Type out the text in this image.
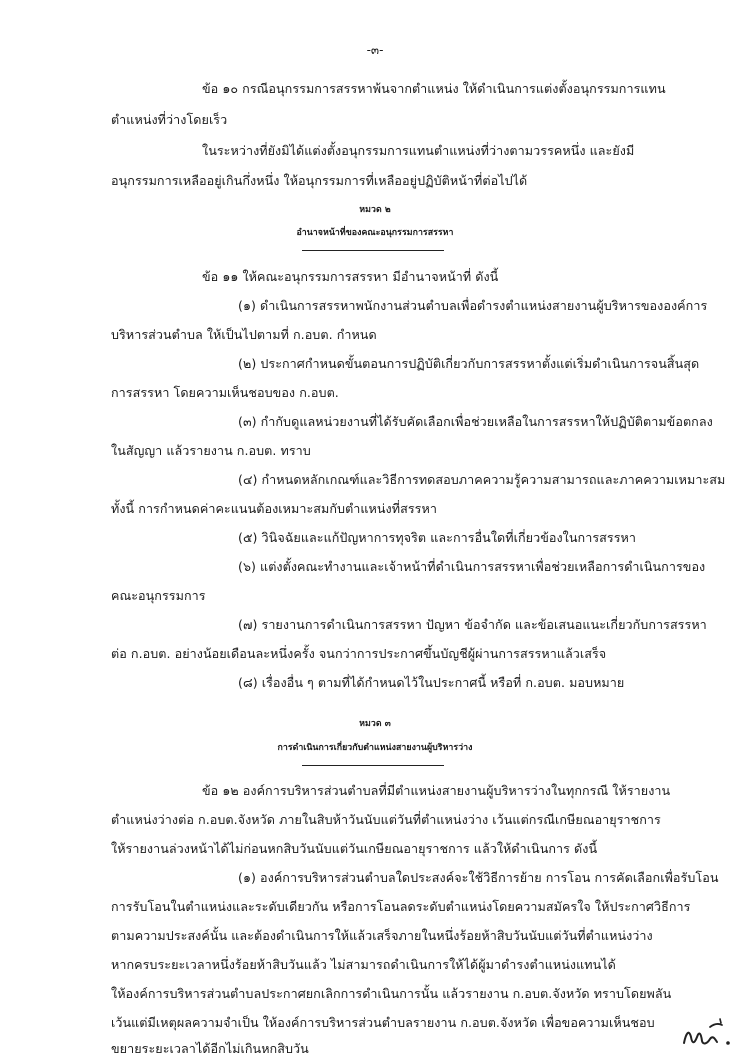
-๓-
ข้อ ๑๐ กรณีอนุกรรมการสรรหาพ้นจากตำแหน่ง ให้ดำเนินการแต่งตั้งอนุกรรมการแทน
ตำแหน่งที่ว่างโดยเร็ว
ในระหว่างที่ยังมิได้แต่งตั้งอนุกรรมการแทนตำแหน่งที่ว่างตามวรรคหนึ่ง และยังมี
อนุกรรมการเหลืออยู่เกินกึ่งหนึ่ง ให้อนุกรรมการที่เหลืออยู่ปฏิบัติหน้าที่ต่อไปได้
หมวด ๒
อำนาจหน้าที่ของคณะอนุกรรมการสรรหา
ข้อ ๑๑ ให้คณะอนุกรรมการสรรหา มีอำนาจหน้าที่ ดังนี้
(๑) ดำเนินการสรรหาพนักงานส่วนตำบลเพื่อดำรงตำแหน่งสายงานผู้บริหารขององค์การ
บริหารส่วนตำบล ให้เป็นไปตามที่ ก.อบต. กำหนด
(๒) ประกาศกำหนดขั้นตอนการปฏิบัติเกี่ยวกับการสรรหาตั้งแต่เริ่มดำเนินการจนสิ้นสุด
การสรรหา โดยความเห็นชอบของ ก.อบต.
(๓) กำกับดูแลหน่วยงานที่ได้รับคัดเลือกเพื่อช่วยเหลือในการสรรหาให้ปฏิบัติตามข้อตกลง
ในสัญญา แล้วรายงาน ก.อบต. ทราบ
(๔) กำหนดหลักเกณฑ์และวิธีการทดสอบภาคความรู้ความสามารถและภาคความเหมาะสม
ทั้งนี้ การกำหนดค่าคะแนนต้องเหมาะสมกับตำแหน่งที่สรรหา
(๕) วินิจฉัยและแก้ปัญหาการทุจริต และการอื่นใดที่เกี่ยวข้องในการสรรหา
(๖) แต่งตั้งคณะทำงานและเจ้าหน้าที่ดำเนินการสรรหาเพื่อช่วยเหลือการดำเนินการของ
คณะอนุกรรมการ
(๗) รายงานการดำเนินการสรรหา ปัญหา ข้อจำกัด และข้อเสนอแนะเกี่ยวกับการสรรหา
ต่อ ก.อบต. อย่างน้อยเดือนละหนึ่งครั้ง จนกว่าการประกาศขึ้นบัญชีผู้ผ่านการสรรหาแล้วเสร็จ
(๘) เรื่องอื่น ๆ ตามที่ได้กำหนดไว้ในประกาศนี้ หรือที่ ก.อบต. มอบหมาย
หมวด ๓
การดำเนินการเกี่ยวกับตำแหน่งสายงานผู้บริหารว่าง
ข้อ ๑๒ องค์การบริหารส่วนตำบลที่มีตำแหน่งสายงานผู้บริหารว่างในทุกกรณี ให้รายงาน
ตำแหน่งว่างต่อ ก.อบต.จังหวัด ภายในสิบห้าวันนับแต่วันที่ตำแหน่งว่าง เว้นแต่กรณีเกษียณอายุราชการ
ให้รายงานล่วงหน้าได้ไม่ก่อนหกสิบวันนับแต่วันเกษียณอายุราชการ แล้วให้ดำเนินการ ดังนี้
(๑) องค์การบริหารส่วนตำบลใดประสงค์จะใช้วิธีการย้าย การโอน การคัดเลือกเพื่อรับโอน
การรับโอนในตำแหน่งและระดับเดียวกัน หรือการโอนลดระดับตำแหน่งโดยความสมัครใจ ให้ประกาศวิธีการ
ตามความประสงค์นั้น และต้องดำเนินการให้แล้วเสร็จภายในหนึ่งร้อยห้าสิบวันนับแต่วันที่ตำแหน่งว่าง
หากครบระยะเวลาหนึ่งร้อยห้าสิบวันแล้ว ไม่สามารถดำเนินการให้ได้ผู้มาดำรงตำแหน่งแทนได้
ให้องค์การบริหารส่วนตำบลประกาศยกเลิกการดำเนินการนั้น แล้วรายงาน ก.อบต.จังหวัด ทราบโดยพลัน
เว้นแต่มีเหตุผลความจำเป็น ให้องค์การบริหารส่วนตำบลรายงาน ก.อบต.จังหวัด เพื่อขอความเห็นชอบ
ขยายระยะเวลาได้อีกไม่เกินหกสิบวัน
